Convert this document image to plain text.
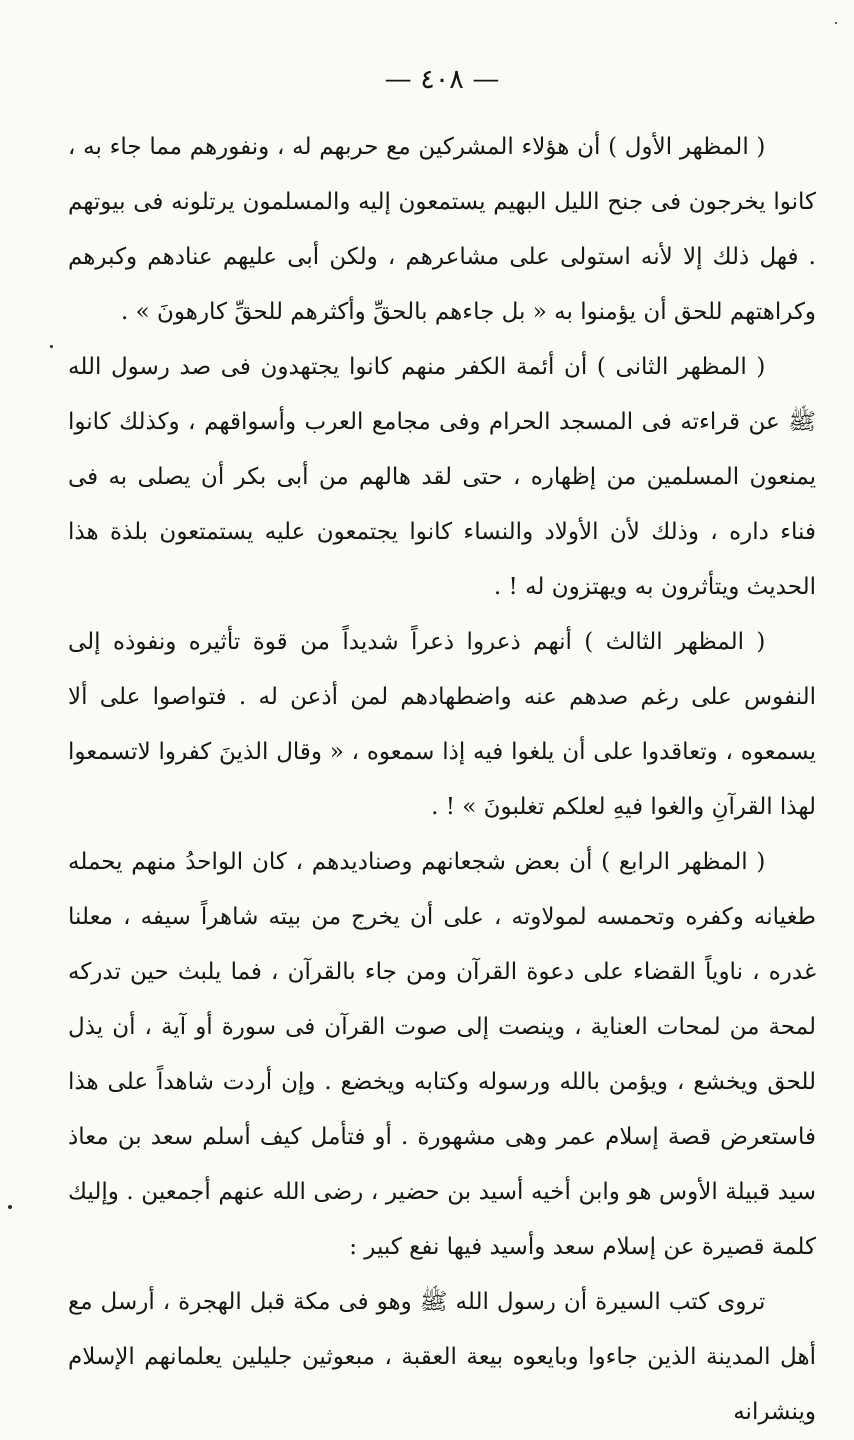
— ٤٠٨ —

( المظهر الأول ) أن هؤلاء المشركين مع حربهم له ، ونفورهم مما جاء به ، كانوا يخرجون فى جنح الليل البهيم يستمعون إليه والمسلمون يرتلونه فى بيوتهم . فهل ذلك إلا لأنه استولى على مشاعرهم ، ولكن أبى عليهم عنادهم وكبرهم وكراهتهم للحق أن يؤمنوا به « بل جاءهم بالحقِّ وأكثرهم للحقِّ كارهونَ » .

( المظهر الثانى ) أن أئمة الكفر منهم كانوا يجتهدون فى صد رسول الله ﷺ عن قراءته فى المسجد الحرام وفى مجامع العرب وأسواقهم ، وكذلك كانوا يمنعون المسلمين من إظهاره ، حتى لقد هالهم من أبى بكر أن يصلى به فى فناء داره ، وذلك لأن الأولاد والنساء كانوا يجتمعون عليه يستمتعون بلذة هذا الحديث ويتأثرون به ويهتزون له ! .

( المظهر الثالث ) أنهم ذعروا ذعراً شديداً من قوة تأثيره ونفوذه إلى النفوس على رغم صدهم عنه واضطهادهم لمن أذعن له . فتواصوا على ألا يسمعوه ، وتعاقدوا على أن يلغوا فيه إذا سمعوه ، « وقال الذينَ كفروا لاتسمعوا لهذا القرآنِ والغوا فيهِ لعلكم تغلبونَ » ! .

( المظهر الرابع ) أن بعض شجعانهم وصناديدهم ، كان الواحدُ منهم يحمله طغيانه وكفره وتحمسه لمولاوته ، على أن يخرج من بيته شاهراً سيفه ، معلنا غدره ، ناوياً القضاء على دعوة القرآن ومن جاء بالقرآن ، فما يلبث حين تدركه لمحة من لمحات العناية ، وينصت إلى صوت القرآن فى سورة أو آية ، أن يذل للحق ويخشع ، ويؤمن بالله ورسوله وكتابه ويخضع . وإن أردت شاهداً على هذا فاستعرض قصة إسلام عمر وهى مشهورة . أو فتأمل كيف أسلم سعد بن معاذ سيد قبيلة الأوس هو وابن أخيه أسيد بن حضير ، رضى الله عنهم أجمعين . وإليك كلمة قصيرة عن إسلام سعد وأسيد فيها نفع كبير :

تروى كتب السيرة أن رسول الله ﷺ وهو فى مكة قبل الهجرة ، أرسل مع أهل المدينة الذين جاءوا وبايعوه بيعة العقبة ، مبعوثين جليلين يعلمانهم الإسلام وينشرانه
